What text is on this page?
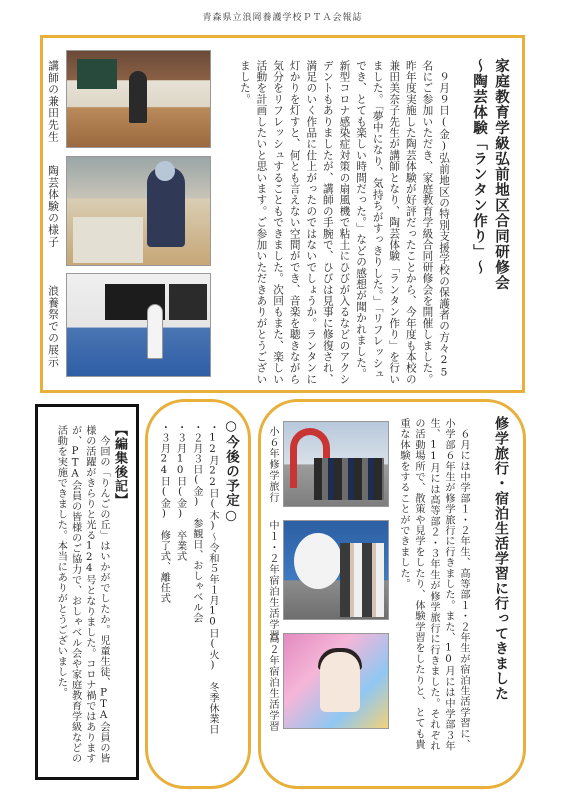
青森県立浪岡養護学校ＰＴＡ会報誌
家庭教育学級弘前地区合同研修会
～陶芸体験「ランタン作り」～
　９月９日(金)弘前地区の特別支援学校の保護者の方々25名にご参加いただき、家庭教育学級合同研修会を開催しました。昨年度実施した陶芸体験が好評だったことから、今年度も本校の兼田美奈子先生が講師となり、陶芸体験「ランタン作り」を行いました。「夢中になり、気持ちがすっきりした。」「リフレッシュでき、とても楽しい時間だった。」などの感想が聞かれました。新型コロナ感染症対策の扇風機で粘土にひびが入るなどのアクシデントもありましたが、講師の手腕で、ひびは見事に修復され、満足のいく作品に仕上がったのではないでしょうか。ランタンに灯かりを灯すと、何とも言えない空間ができ、音楽を聴きながら気分をリフレッシュすることもできました。次回もまた、楽しい活動を計画したいと思います。ご参加いただきありがとうございました。
講師の兼田先生
陶芸体験の様子
浪養祭での展示
修学旅行・宿泊生活学習に行ってきました
　６月には中学部１・２年生、高等部１・２年生が宿泊生活学習に、小学部６年生が修学旅行に行きました。また、10月には中学部３年生、11月には高等部２・３年生が修学旅行に行きました。それぞれの活動場所で、散策や見学をしたり、体験学習をしたりと、とても貴重な体験をすることができました。
小６年修学旅行
中１・２年宿泊生活学習
高２年宿泊生活学習
○今後の予定○
・12月22日(木)～令和５年１月10日(火)　冬季休業日
・２月３日(金)　参観日、おしゃべル会
・３月10日(金)　卒業式
・３月24日(金)　修了式、離任式
【編集後記】
　今回の「りんごの丘」はいかがでしたか。児童生徒、PTA会員の皆様の活躍がきらりと光る124号となりました。コロナ禍ではありますが、PTA会員の皆様のご協力で、おしゃべル会や家庭教育学級などの活動を実施できました。本当にありがとうございました。
